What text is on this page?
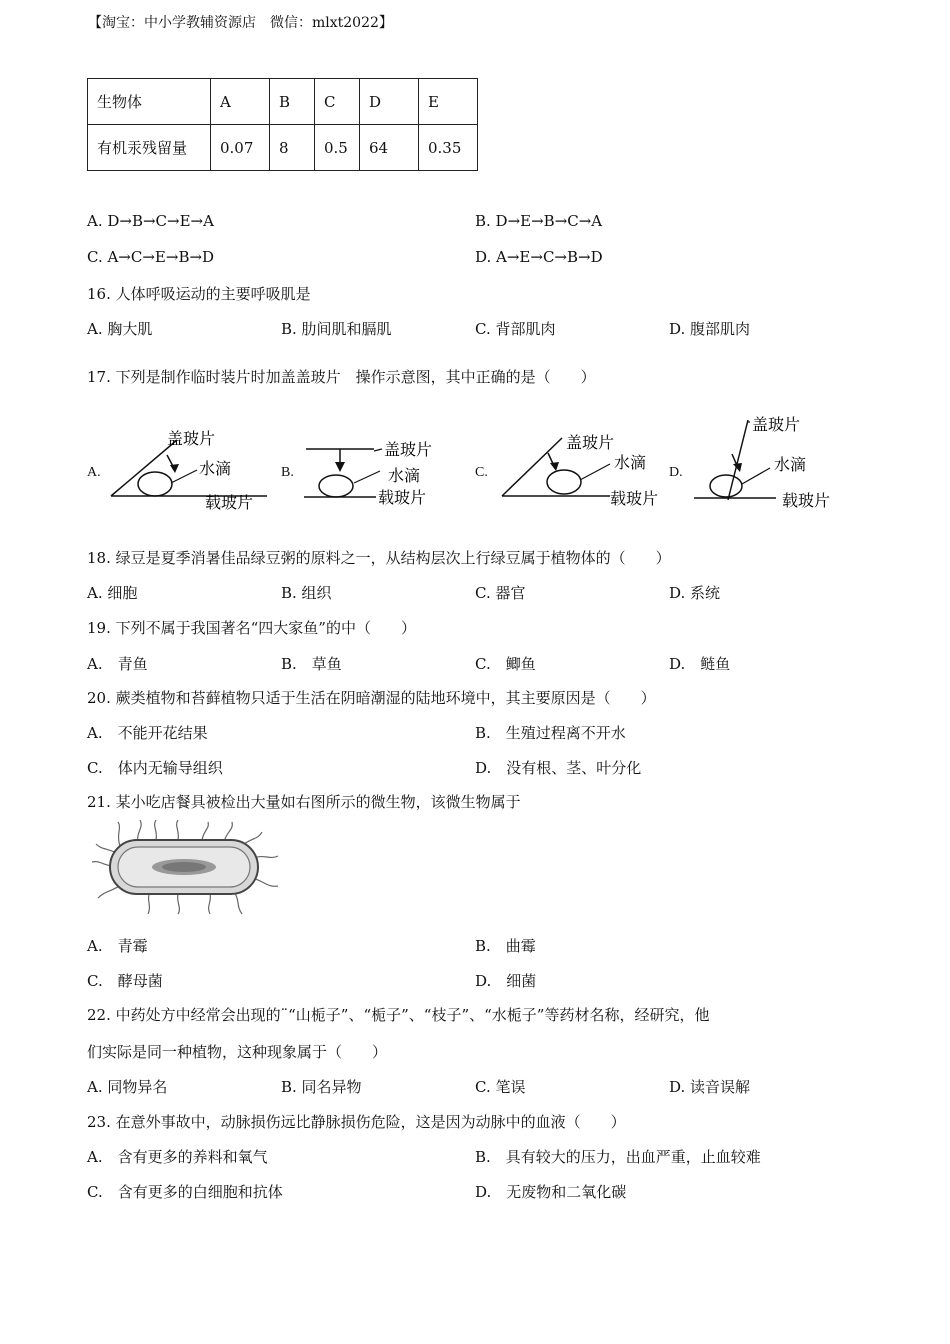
【淘宝：中小学教辅资源店　微信：mlxt2022】
生物体	A	B	C	D	E
有机汞残留量	0.07	8	0.5	64	0.35
A. D→B→C→E→A	B. D→E→B→C→A
C. A→C→E→B→D	D. A→E→C→B→D
16. 人体呼吸运动的主要呼吸肌是
A. 胸大肌	B. 肋间肌和膈肌	C. 背部肌肉	D. 腹部肌肉
17. 下列是制作临时装片时加盖盖玻片　操作示意图，其中正确的是（　　）
A.
盖玻片
水滴
载玻片
B.
盖玻片
水滴
载玻片
C.
盖玻片
水滴
载玻片
D.
盖玻片
水滴
载玻片
18. 绿豆是夏季消暑佳品绿豆粥的原料之一，从结构层次上行绿豆属于植物体的（　　）
A. 细胞	B. 组织	C. 器官	D. 系统
19. 下列不属于我国著名“四大家鱼”的中（　　）
A.　青鱼	B.　草鱼	C.　鲫鱼	D.　鲢鱼
20. 蕨类植物和苔藓植物只适于生活在阴暗潮湿的陆地环境中，其主要原因是（　　）
A.　不能开花结果	B.　生殖过程离不开水
C.　体内无输导组织	D.　没有根、茎、叶分化
21. 某小吃店餐具被检出大量如右图所示的微生物，该微生物属于
A.　青霉	B.　曲霉
C.　酵母菌	D.　细菌
22. 中药处方中经常会出现的¨“山栀子”、“栀子”、“枝子”、“水栀子”等药材名称，经研究，他
们实际是同一种植物，这种现象属于（　　）
A. 同物异名	B. 同名异物	C. 笔误	D. 读音误解
23. 在意外事故中，动脉损伤远比静脉损伤危险，这是因为动脉中的血液（　　）
A.　含有更多的养料和氧气	B.　具有较大的压力，出血严重，止血较难
C.　含有更多的白细胞和抗体	D.　无废物和二氧化碳
